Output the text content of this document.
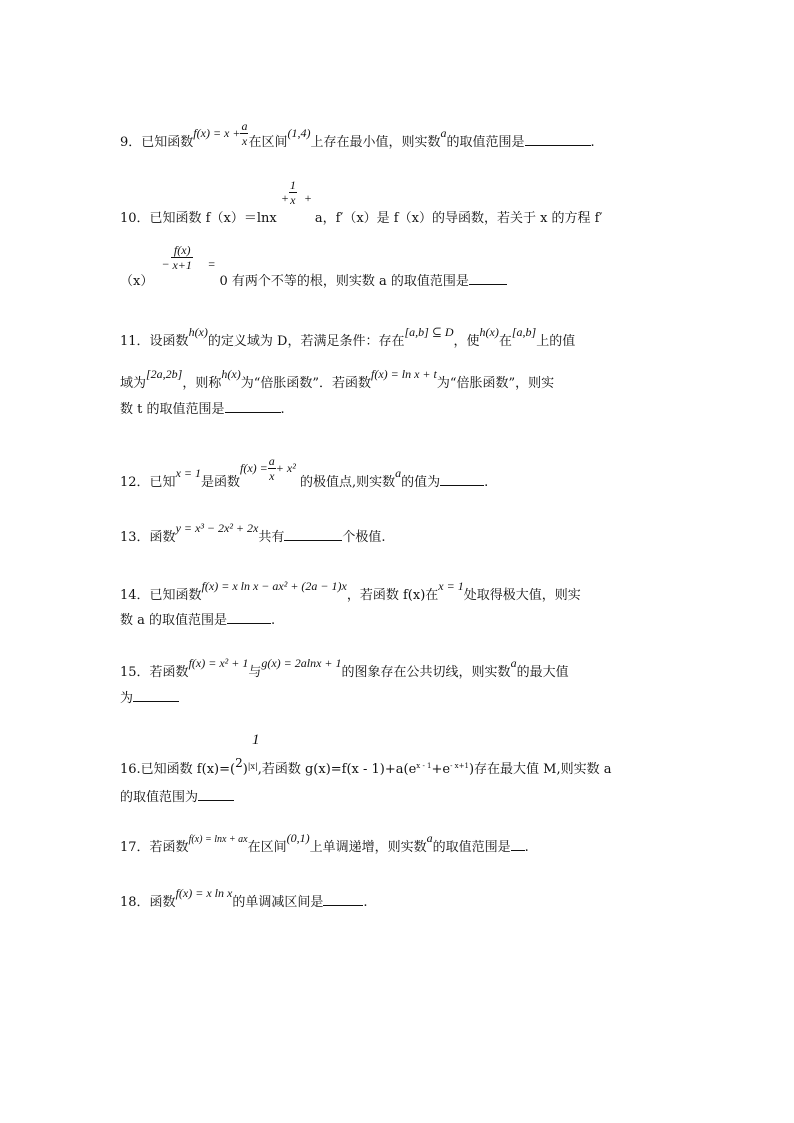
9．已知函数$f(x) = x + \frac{a}{x}$ 在区间(1,4)上存在最小值，则实数a的取值范围是	.
10．已知函数 f（x）＝lnx
+ $\frac{1}{x}$ +
a，f′（x）是 f（x）的导函数，若关于 x 的方程 f′
（x）
− $\frac{f(x)}{x+1}$ =
0 有两个不等的根，则实数 a 的取值范围是
11．设函数h(x)的定义域为 D，若满足条件：存在[a,b] ⊆ D，使h(x)在[a,b]上的值
域为[2a,2b]，则称h(x)为“倍胀函数”．若函数f(x) = ln x + t为“倍胀函数”，则实
数 t 的取值范围是	.
12．已知x = 1是函数$f(x) = \frac{a}{x} + x^2$ 的极值点,则实数a的值为	.
13．函数y = x³ − 2x² + 2x共有	个极值.
14．已知函数f(x) = x ln x − ax² + (2a − 1)x，若函数 f(x)在x = 1处取得极大值，则实
数 a 的取值范围是	.
15．若函数f(x) = x² + 1与g(x) = 2alnx + 1的图象存在公共切线，则实数a的最大值
为
1
16.已知函数 $f(x)=(2)^{|x|}$,若函数 $g(x)=f(x - 1)+a(e^{x - 1}+e^{- x+1})$存在最大值 M,则实数 a
的取值范围为
17．若函数$^{f(x) = lnx + ax}$在区间(0,1)上单调递增，则实数a的取值范围是 .
18．函数f(x) = x ln x的单调减区间是	.
